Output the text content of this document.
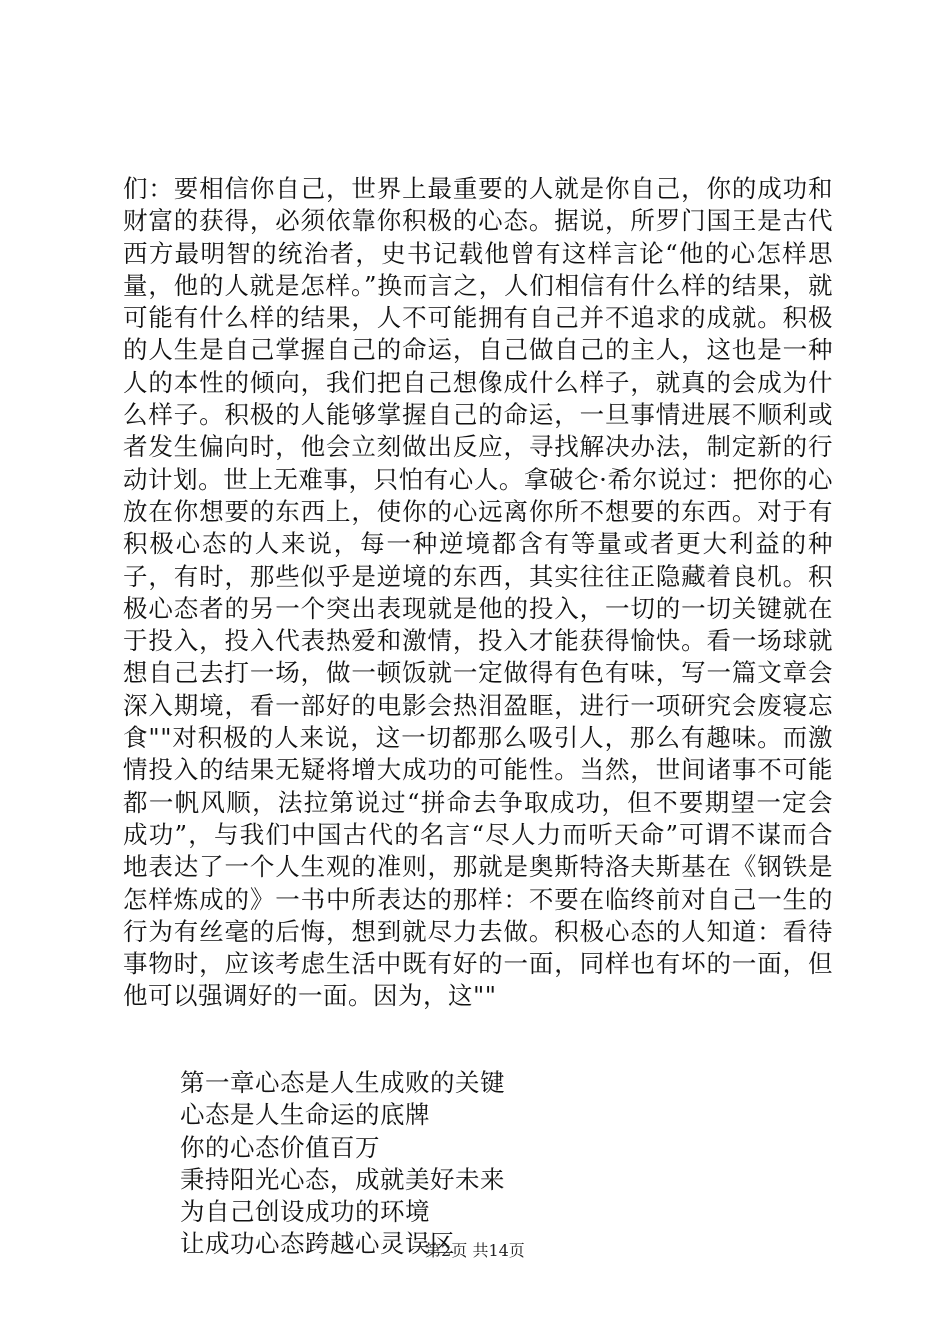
们：要相信你自己，世界上最重要的人就是你自己，你的成功和财富的获得，必须依靠你积极的心态。据说，所罗门国王是古代西方最明智的统治者，史书记载他曾有这样言论“他的心怎样思量，他的人就是怎样。”换而言之，人们相信有什么样的结果，就可能有什么样的结果，人不可能拥有自己并不追求的成就。积极的人生是自己掌握自己的命运，自己做自己的主人，这也是一种人的本性的倾向，我们把自己想像成什么样子，就真的会成为什么样子。积极的人能够掌握自己的命运，一旦事情进展不顺利或者发生偏向时，他会立刻做出反应，寻找解决办法，制定新的行动计划。世上无难事，只怕有心人。拿破仑·希尔说过：把你的心放在你想要的东西上，使你的心远离你所不想要的东西。对于有积极心态的人来说，每一种逆境都含有等量或者更大利益的种子，有时，那些似乎是逆境的东西，其实往往正隐藏着良机。积极心态者的另一个突出表现就是他的投入，一切的一切关键就在于投入，投入代表热爱和激情，投入才能获得愉快。看一场球就想自己去打一场，做一顿饭就一定做得有色有味，写一篇文章会深入期境，看一部好的电影会热泪盈眶，进行一项研究会废寝忘食""对积极的人来说，这一切都那么吸引人，那么有趣味。而激情投入的结果无疑将增大成功的可能性。当然，世间诸事不可能都一帆风顺，法拉第说过“拼命去争取成功，但不要期望一定会成功”，与我们中国古代的名言“尽人力而听天命”可谓不谋而合地表达了一个人生观的准则，那就是奥斯特洛夫斯基在《钢铁是怎样炼成的》一书中所表达的那样：不要在临终前对自己一生的行为有丝毫的后悔，想到就尽力去做。积极心态的人知道：看待事物时，应该考虑生活中既有好的一面，同样也有坏的一面，但他可以强调好的一面。因为，这""

第一章心态是人生成败的关键
心态是人生命运的底牌
你的心态价值百万
秉持阳光心态，成就美好未来
为自己创设成功的环境
让成功心态跨越心灵误区
第2页 共14页
